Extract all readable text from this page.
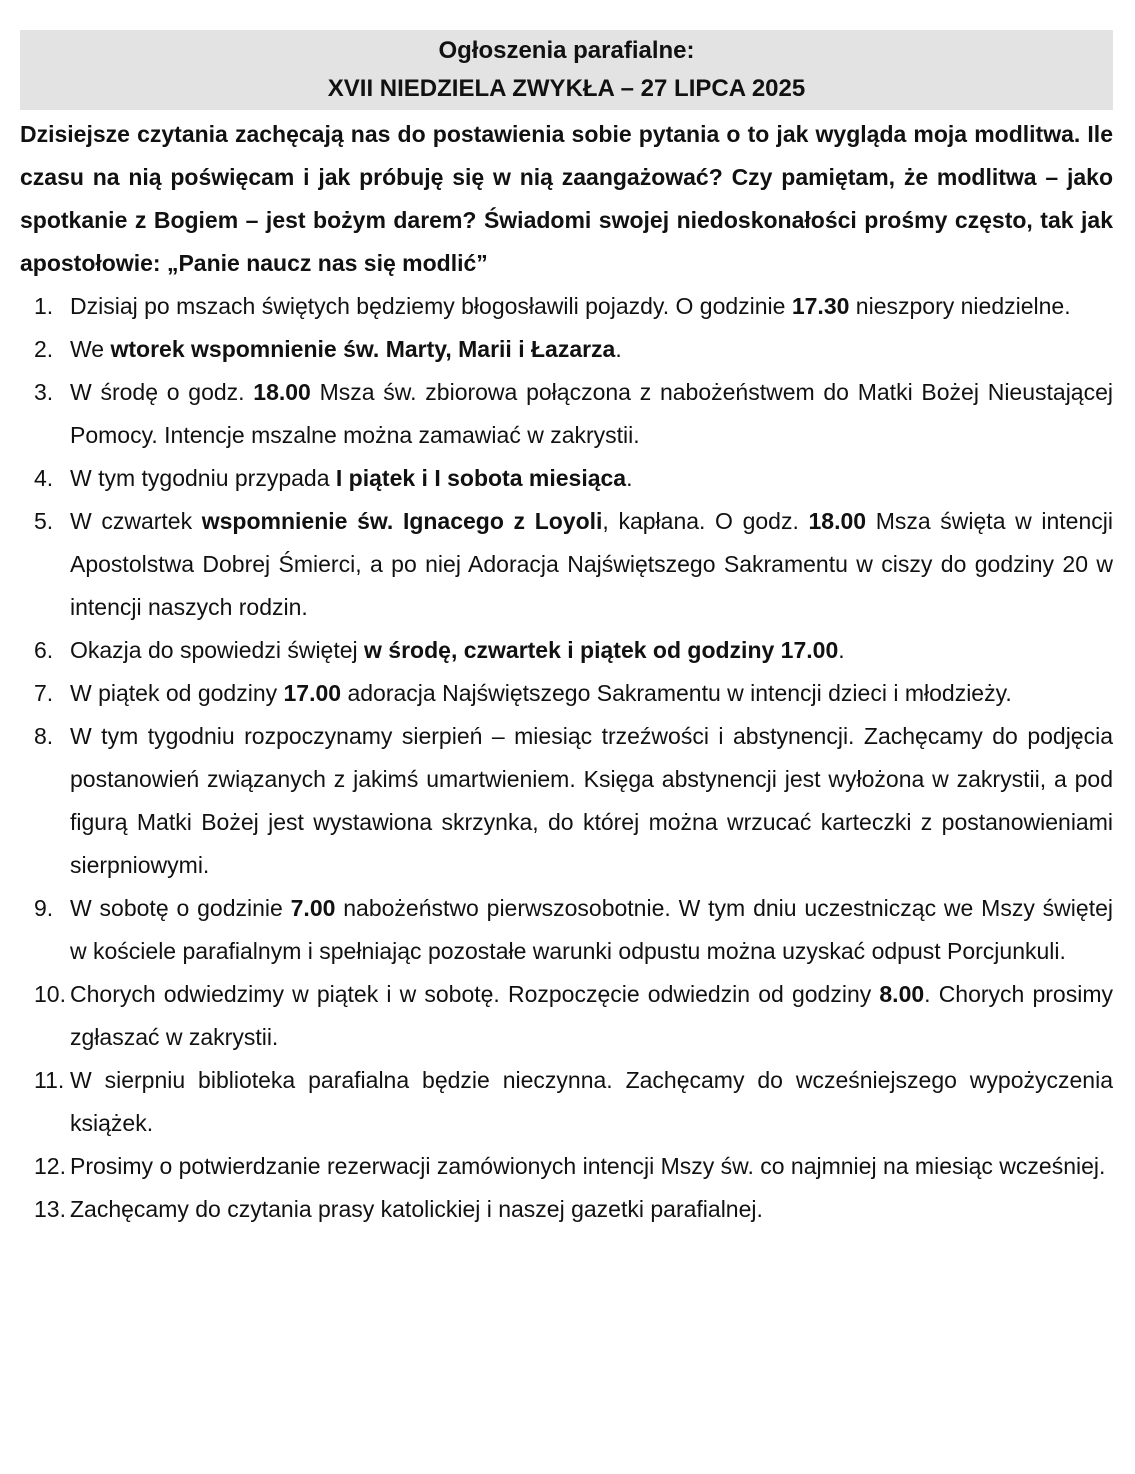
Ogłoszenia parafialne:
XVII NIEDZIELA ZWYKŁA – 27 LIPCA 2025
Dzisiejsze czytania zachęcają nas do postawienia sobie pytania o to jak wygląda moja modlitwa. Ile czasu na nią poświęcam i jak próbuję się w nią zaangażować? Czy pamiętam, że modlitwa – jako spotkanie z Bogiem – jest bożym darem? Świadomi swojej niedoskonałości prośmy często, tak jak apostołowie: „Panie naucz nas się modlić”
1. Dzisiaj po mszach świętych będziemy błogosławili pojazdy. O godzinie 17.30 nieszpory niedzielne.
2. We wtorek wspomnienie św. Marty, Marii i Łazarza.
3. W środę o godz. 18.00 Msza św. zbiorowa połączona z nabożeństwem do Matki Bożej Nieustającej Pomocy. Intencje mszalne można zamawiać w zakrystii.
4. W tym tygodniu przypada I piątek i I sobota miesiąca.
5. W czwartek wspomnienie św. Ignacego z Loyoli, kapłana. O godz. 18.00 Msza święta w intencji Apostolstwa Dobrej Śmierci, a po niej Adoracja Najświętszego Sakramentu w ciszy do godziny 20 w intencji naszych rodzin.
6. Okazja do spowiedzi świętej w środę, czwartek i piątek od godziny 17.00.
7. W piątek od godziny 17.00 adoracja Najświętszego Sakramentu w intencji dzieci i młodzieży.
8. W tym tygodniu rozpoczynamy sierpień – miesiąc trzeźwości i abstynencji. Zachęcamy do podjęcia postanowień związanych z jakimś umartwieniem. Księga abstynencji jest wyłożona w zakrystii, a pod figurą Matki Bożej jest wystawiona skrzynka, do której można wrzucać karteczki z postanowieniami sierpniowymi.
9. W sobotę o godzinie 7.00 nabożeństwo pierwszosobotnie. W tym dniu uczestnicząc we Mszy świętej w kościele parafialnym i spełniając pozostałe warunki odpustu można uzyskać odpust Porcjunkuli.
10. Chorych odwiedzimy w piątek i w sobotę. Rozpoczęcie odwiedzin od godziny 8.00. Chorych prosimy zgłaszać w zakrystii.
11. W sierpniu biblioteka parafialna będzie nieczynna. Zachęcamy do wcześniejszego wypożyczenia książek.
12. Prosimy o potwierdzanie rezerwacji zamówionych intencji Mszy św. co najmniej na miesiąc wcześniej.
13. Zachęcamy do czytania prasy katolickiej i naszej gazetki parafialnej.
